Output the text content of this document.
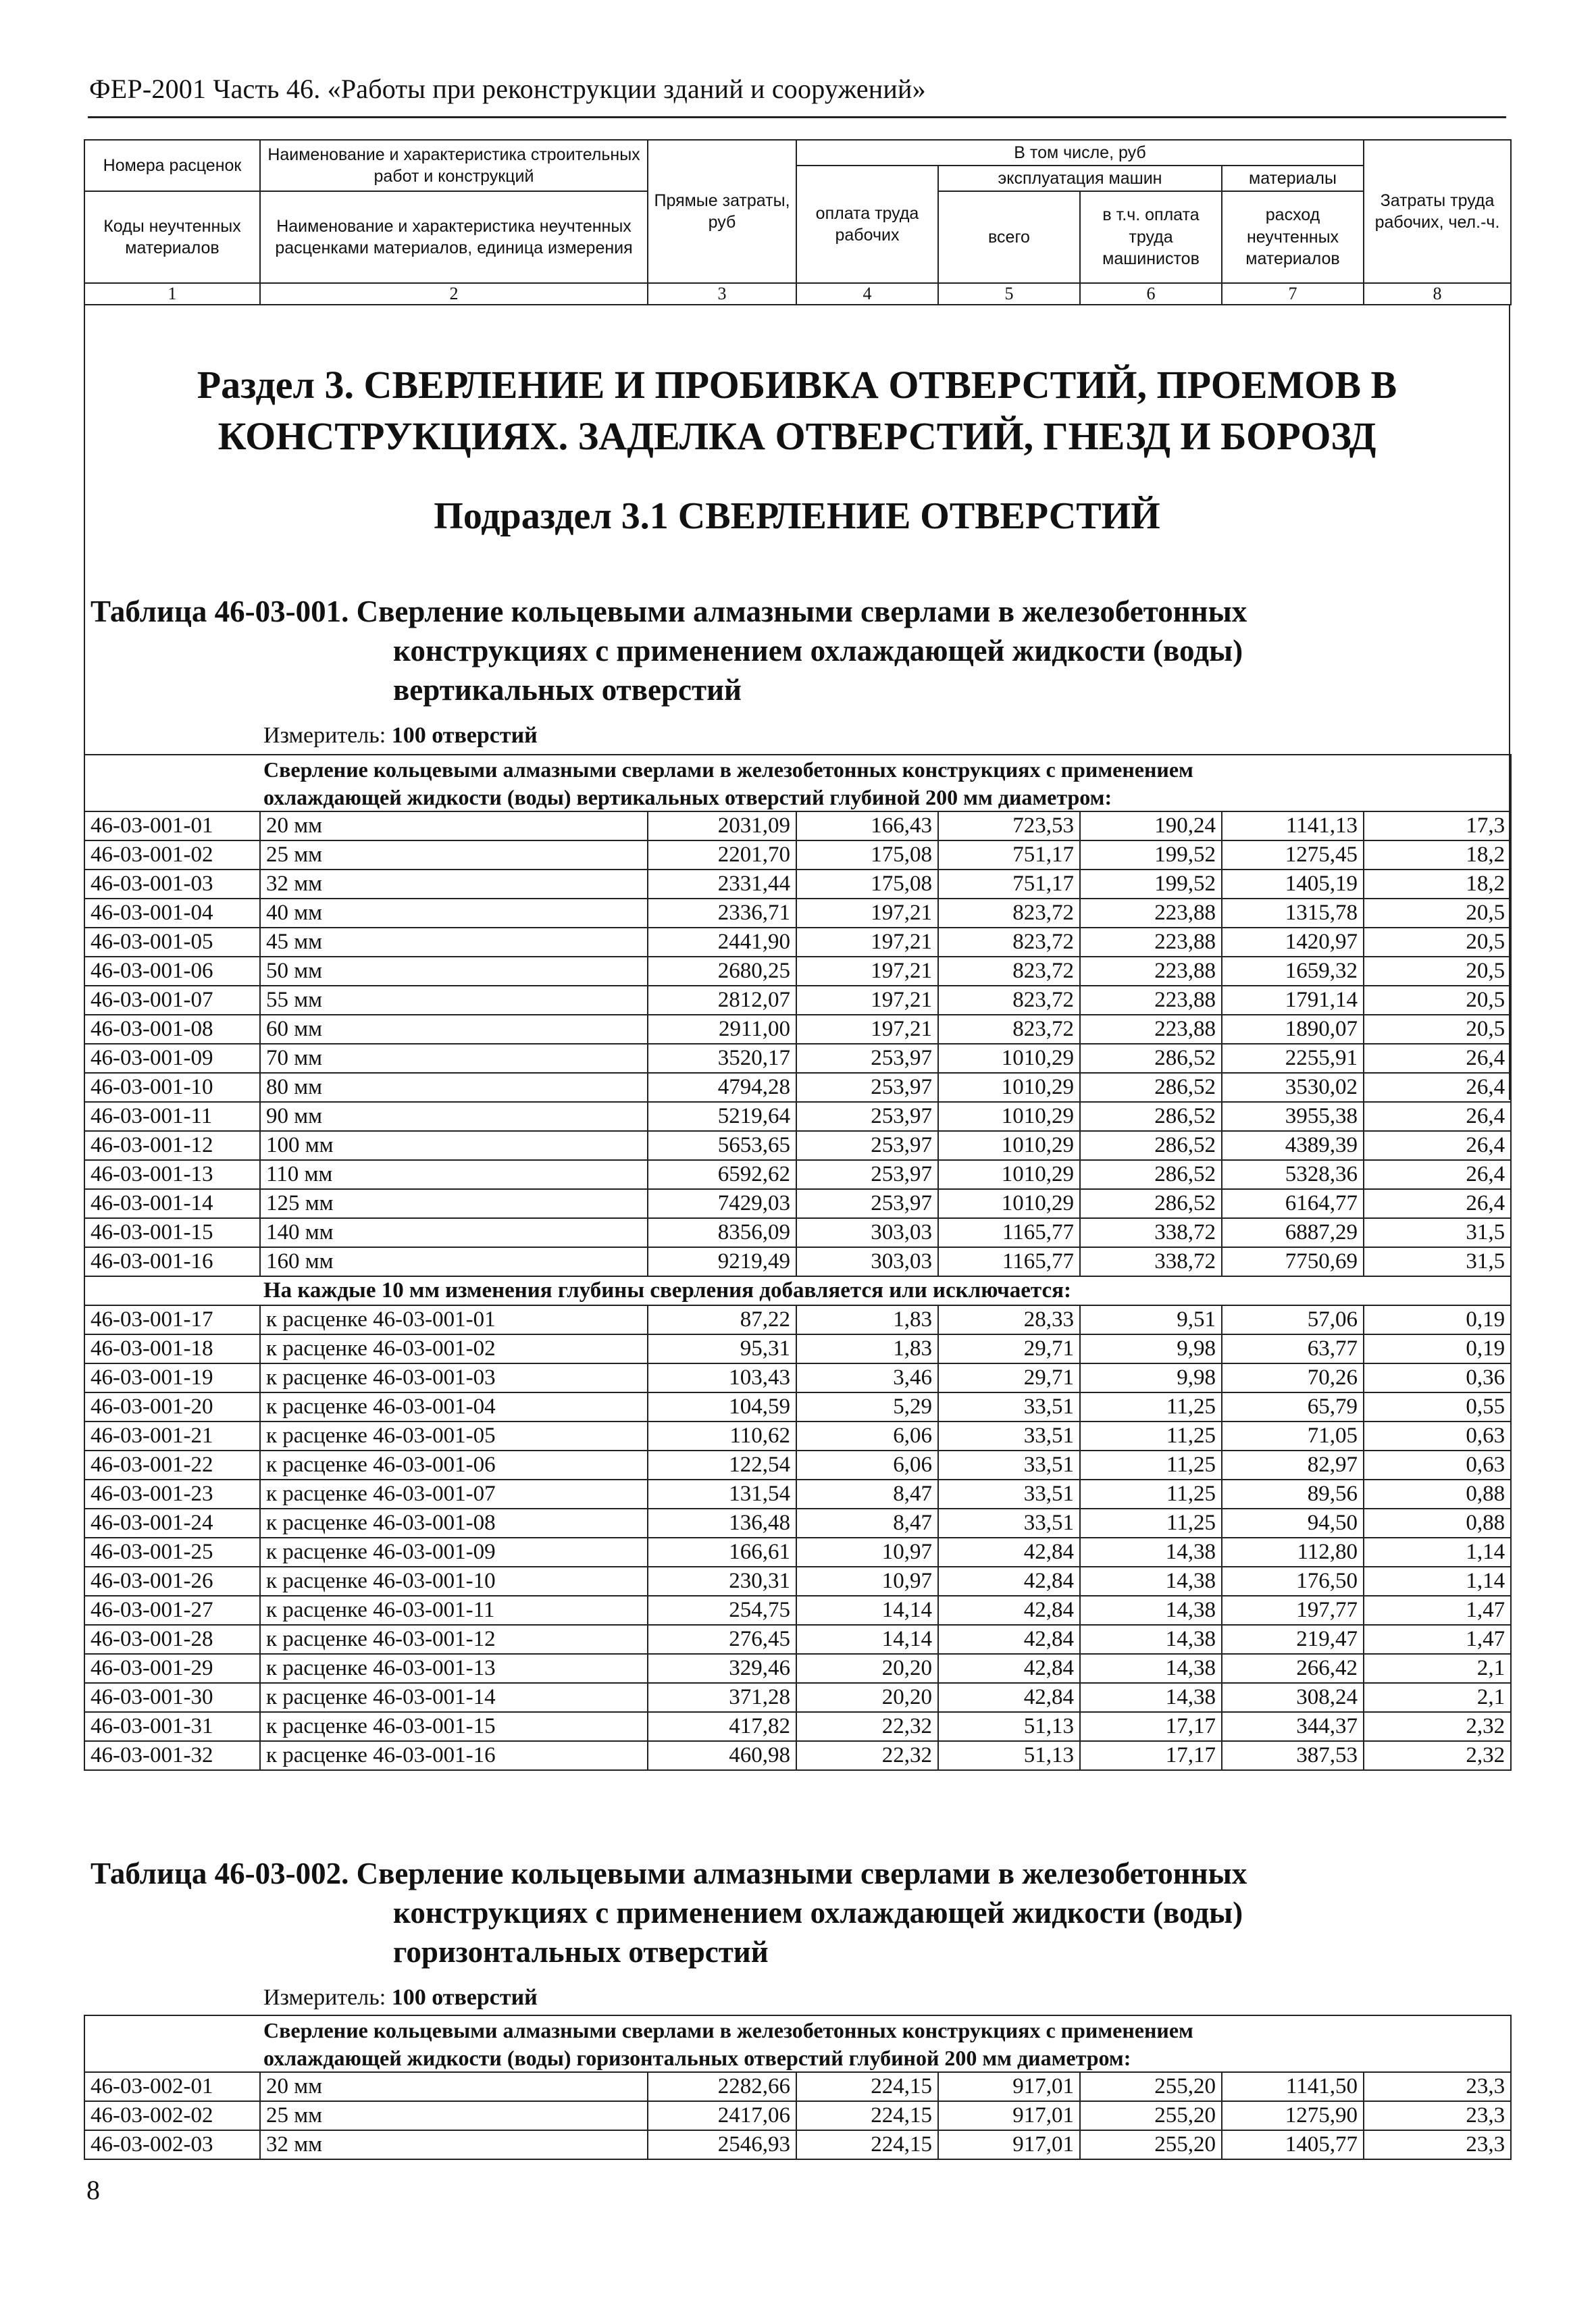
ФЕР-2001 Часть 46. «Работы при реконструкции зданий и сооружений»
Номера расценок	Наименование и характеристика строительных работ и конструкций	Прямые затраты, руб	В том числе, руб				Затраты труда рабочих, чел.-ч.
			оплата труда рабочих	эксплуатация машин		материалы	
Коды неучтенных материалов	Наименование и характеристика неучтенных расценками материалов, единица измерения			всего	в т.ч. оплата труда машинистов	расход неучтенных материалов	

1	2	3	4	5	6	7	8
Раздел 3. СВЕРЛЕНИЕ И ПРОБИВКА ОТВЕРСТИЙ, ПРОЕМОВ В
КОНСТРУКЦИЯХ. ЗАДЕЛКА ОТВЕРСТИЙ, ГНЕЗД И БОРОЗД
Подраздел 3.1 СВЕРЛЕНИЕ ОТВЕРСТИЙ
Таблица 46-03-001. Сверление кольцевыми алмазными сверлами в железобетонных
конструкциях с применением охлаждающей жидкости (воды)
вертикальных отверстий
Измеритель: 100 отверстий
Сверление кольцевыми алмазными сверлами в железобетонных конструкциях с применением							
охлаждающей жидкости (воды) вертикальных отверстий глубиной 200 мм диаметром:							
46-03-001-01	20 мм	2031,09	166,43	723,53	190,24	1141,13	17,3
46-03-001-02	25 мм	2201,70	175,08	751,17	199,52	1275,45	18,2
46-03-001-03	32 мм	2331,44	175,08	751,17	199,52	1405,19	18,2
46-03-001-04	40 мм	2336,71	197,21	823,72	223,88	1315,78	20,5
46-03-001-05	45 мм	2441,90	197,21	823,72	223,88	1420,97	20,5
46-03-001-06	50 мм	2680,25	197,21	823,72	223,88	1659,32	20,5
46-03-001-07	55 мм	2812,07	197,21	823,72	223,88	1791,14	20,5
46-03-001-08	60 мм	2911,00	197,21	823,72	223,88	1890,07	20,5
46-03-001-09	70 мм	3520,17	253,97	1010,29	286,52	2255,91	26,4
46-03-001-10	80 мм	4794,28	253,97	1010,29	286,52	3530,02	26,4
46-03-001-11	90 мм	5219,64	253,97	1010,29	286,52	3955,38	26,4
46-03-001-12	100 мм	5653,65	253,97	1010,29	286,52	4389,39	26,4
46-03-001-13	110 мм	6592,62	253,97	1010,29	286,52	5328,36	26,4
46-03-001-14	125 мм	7429,03	253,97	1010,29	286,52	6164,77	26,4
46-03-001-15	140 мм	8356,09	303,03	1165,77	338,72	6887,29	31,5
46-03-001-16	160 мм	9219,49	303,03	1165,77	338,72	7750,69	31,5
На каждые 10 мм изменения глубины сверления добавляется или исключается:							
46-03-001-17	к расценке 46-03-001-01	87,22	1,83	28,33	9,51	57,06	0,19
46-03-001-18	к расценке 46-03-001-02	95,31	1,83	29,71	9,98	63,77	0,19
46-03-001-19	к расценке 46-03-001-03	103,43	3,46	29,71	9,98	70,26	0,36
46-03-001-20	к расценке 46-03-001-04	104,59	5,29	33,51	11,25	65,79	0,55
46-03-001-21	к расценке 46-03-001-05	110,62	6,06	33,51	11,25	71,05	0,63
46-03-001-22	к расценке 46-03-001-06	122,54	6,06	33,51	11,25	82,97	0,63
46-03-001-23	к расценке 46-03-001-07	131,54	8,47	33,51	11,25	89,56	0,88
46-03-001-24	к расценке 46-03-001-08	136,48	8,47	33,51	11,25	94,50	0,88
46-03-001-25	к расценке 46-03-001-09	166,61	10,97	42,84	14,38	112,80	1,14
46-03-001-26	к расценке 46-03-001-10	230,31	10,97	42,84	14,38	176,50	1,14
46-03-001-27	к расценке 46-03-001-11	254,75	14,14	42,84	14,38	197,77	1,47
46-03-001-28	к расценке 46-03-001-12	276,45	14,14	42,84	14,38	219,47	1,47
46-03-001-29	к расценке 46-03-001-13	329,46	20,20	42,84	14,38	266,42	2,1
46-03-001-30	к расценке 46-03-001-14	371,28	20,20	42,84	14,38	308,24	2,1
46-03-001-31	к расценке 46-03-001-15	417,82	22,32	51,13	17,17	344,37	2,32
46-03-001-32	к расценке 46-03-001-16	460,98	22,32	51,13	17,17	387,53	2,32
Таблица 46-03-002. Сверление кольцевыми алмазными сверлами в железобетонных
конструкциях с применением охлаждающей жидкости (воды)
горизонтальных отверстий
Измеритель: 100 отверстий
Сверление кольцевыми алмазными сверлами в железобетонных конструкциях с применением							
охлаждающей жидкости (воды) горизонтальных отверстий глубиной 200 мм диаметром:							
46-03-002-01	20 мм	2282,66	224,15	917,01	255,20	1141,50	23,3
46-03-002-02	25 мм	2417,06	224,15	917,01	255,20	1275,90	23,3
46-03-002-03	32 мм	2546,93	224,15	917,01	255,20	1405,77	23,3
8
